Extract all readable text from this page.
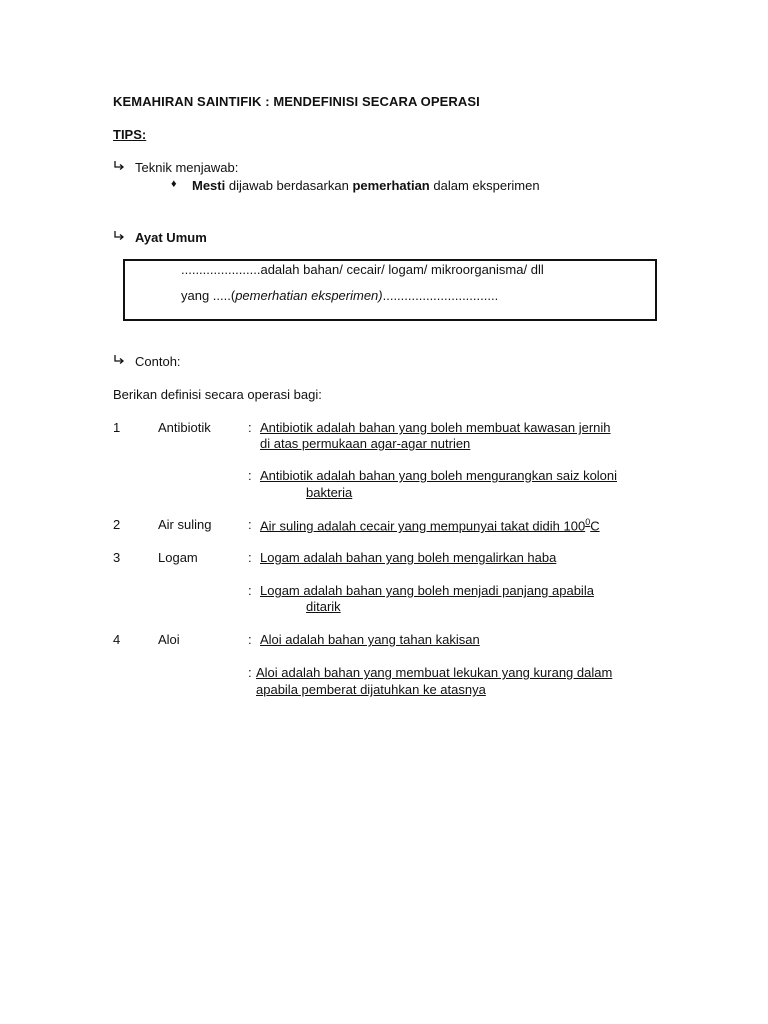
KEMAHIRAN SAINTIFIK : MENDEFINISI SECARA OPERASI
TIPS:
Teknik menjawab:
♦ Mesti dijawab berdasarkan pemerhatian dalam eksperimen
Ayat Umum
......................adalah bahan/ cecair/ logam/ mikroorganisma/ dll
yang .....(pemerhatian eksperimen)................................
Contoh:
Berikan definisi secara operasi bagi:
1	Antibiotik	: Antibiotik adalah bahan yang boleh membuat kawasan jernih
di atas permukaan agar-agar nutrien
: Antibiotik adalah bahan yang boleh mengurangkan saiz koloni
bakteria
2	Air suling	: Air suling adalah cecair yang mempunyai takat didih $100^0C$
3	Logam	: Logam adalah bahan yang boleh mengalirkan haba
: Logam adalah bahan yang boleh menjadi panjang apabila
ditarik
4	Aloi	: Aloi adalah bahan yang tahan kakisan
: Aloi adalah bahan yang membuat lekukan yang kurang dalam
apabila pemberat dijatuhkan ke atasnya
